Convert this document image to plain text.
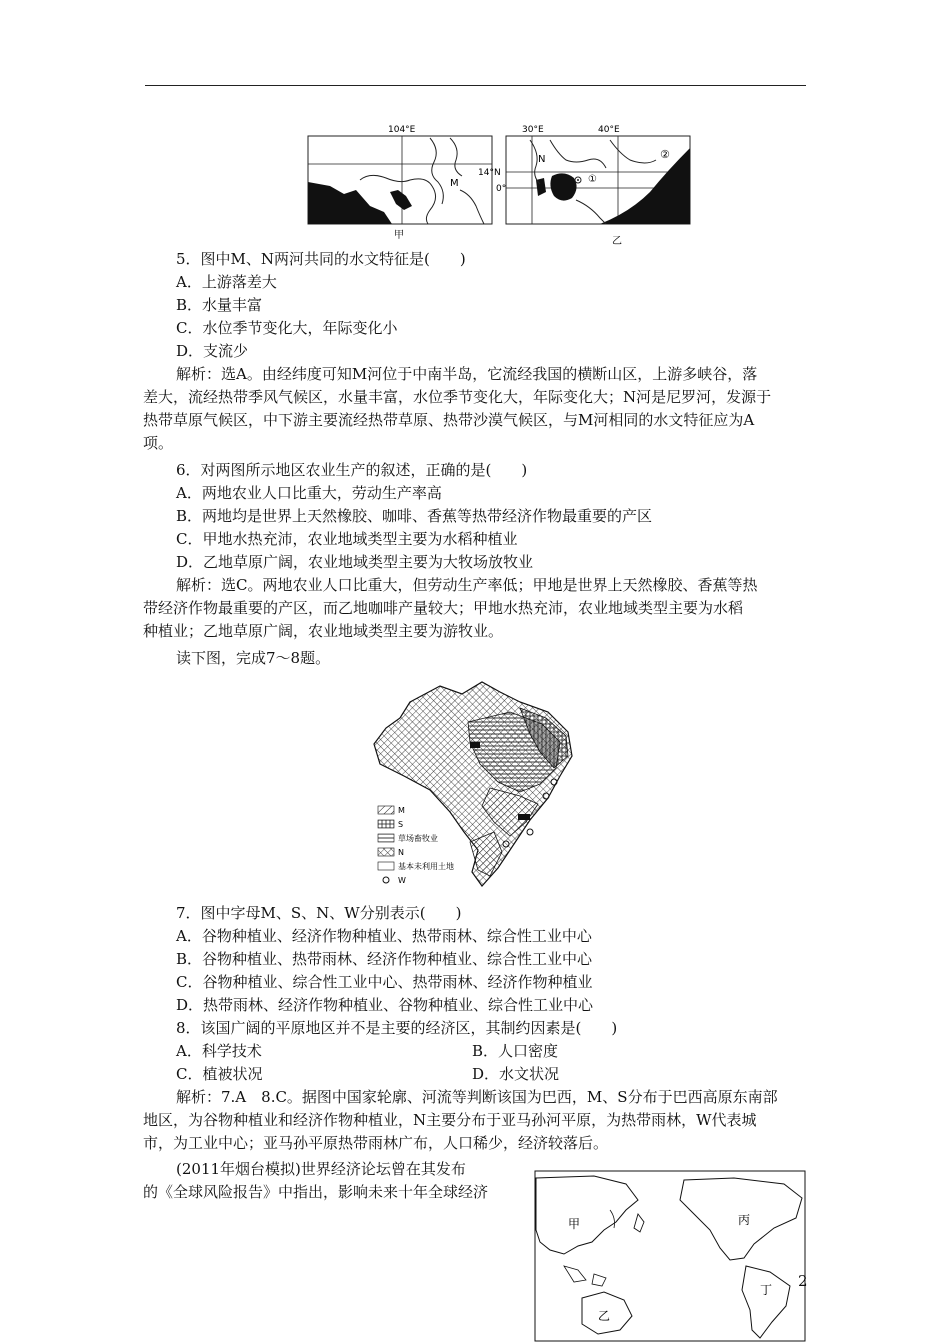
104°E
M
甲
30°E	40°E
14°N
0°
N
①
②
乙
5．图中M、N两河共同的水文特征是(　　)
A．上游落差大
B．水量丰富
C．水位季节变化大，年际变化小
D．支流少
解析：选A。由经纬度可知M河位于中南半岛，它流经我国的横断山区，上游多峡谷，落
差大，流经热带季风气候区，水量丰富，水位季节变化大，年际变化大；N河是尼罗河，发源于
热带草原气候区，中下游主要流经热带草原、热带沙漠气候区，与M河相同的水文特征应为A
项。
6．对两图所示地区农业生产的叙述，正确的是(　　)
A．两地农业人口比重大，劳动生产率高
B．两地均是世界上天然橡胶、咖啡、香蕉等热带经济作物最重要的产区
C．甲地水热充沛，农业地域类型主要为水稻种植业
D．乙地草原广阔，农业地域类型主要为大牧场放牧业
解析：选C。两地农业人口比重大，但劳动生产率低；甲地是世界上天然橡胶、香蕉等热
带经济作物最重要的产区，而乙地咖啡产量较大；甲地水热充沛，农业地域类型主要为水稻
种植业；乙地草原广阔，农业地域类型主要为游牧业。
读下图，完成7～8题。
M
S
草场畜牧业
N
基本未利用土地
W
7．图中字母M、S、N、W分别表示(　　)
A．谷物种植业、经济作物种植业、热带雨林、综合性工业中心
B．谷物种植业、热带雨林、经济作物种植业、综合性工业中心
C．谷物种植业、综合性工业中心、热带雨林、经济作物种植业
D．热带雨林、经济作物种植业、谷物种植业、综合性工业中心
8．该国广阔的平原地区并不是主要的经济区，其制约因素是(　　)
A．科学技术	B．人口密度
C．植被状况	D．水文状况
解析：7.A　8.C。据图中国家轮廓、河流等判断该国为巴西，M、S分布于巴西高原东南部
地区，为谷物种植业和经济作物种植业，N主要分布于亚马孙河平原，为热带雨林，W代表城
市，为工业中心；亚马孙平原热带雨林广布，人口稀少，经济较落后。
(2011年烟台模拟)世界经济论坛曾在其发布
的《全球风险报告》中指出，影响未来十年全球经济
甲
乙
丙
丁 2
